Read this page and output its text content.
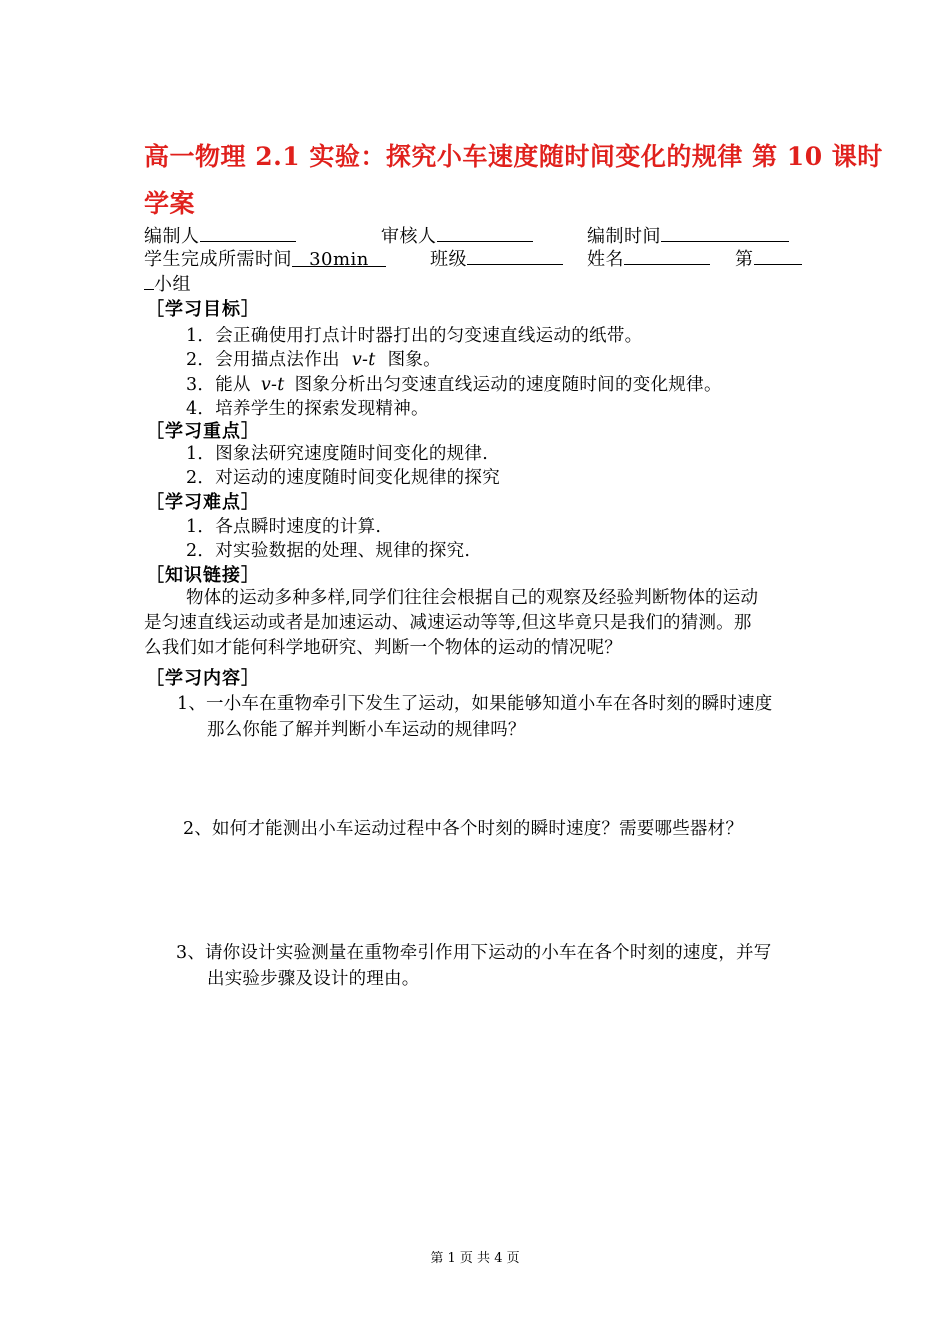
高一物理 2.1 实验：探究小车速度随时间变化的规律 第 10 课时
学案
编制人	审核人	编制时间
学生完成所需时间 30min	班级	姓名	第
小组
［学习目标］
1．会正确使用打点计时器打出的匀变速直线运动的纸带。
2．会用描点法作出 v-t 图象。
3．能从 v-t 图象分析出匀变速直线运动的速度随时间的变化规律。
4．培养学生的探索发现精神。
［学习重点］
1．图象法研究速度随时间变化的规律.
2．对运动的速度随时间变化规律的探究
［学习难点］
1．各点瞬时速度的计算.
2．对实验数据的处理、规律的探究.
［知识链接］
物体的运动多种多样,同学们往往会根据自己的观察及经验判断物体的运动
是匀速直线运动或者是加速运动、减速运动等等,但这毕竟只是我们的猜测。那
么我们如才能何科学地研究、判断一个物体的运动的情况呢？
［学习内容］
1、一小车在重物牵引下发生了运动，如果能够知道小车在各时刻的瞬时速度
那么你能了解并判断小车运动的规律吗？
2、如何才能测出小车运动过程中各个时刻的瞬时速度？需要哪些器材？
3、请你设计实验测量在重物牵引作用下运动的小车在各个时刻的速度，并写
出实验步骤及设计的理由。
第 1 页 共 4 页
